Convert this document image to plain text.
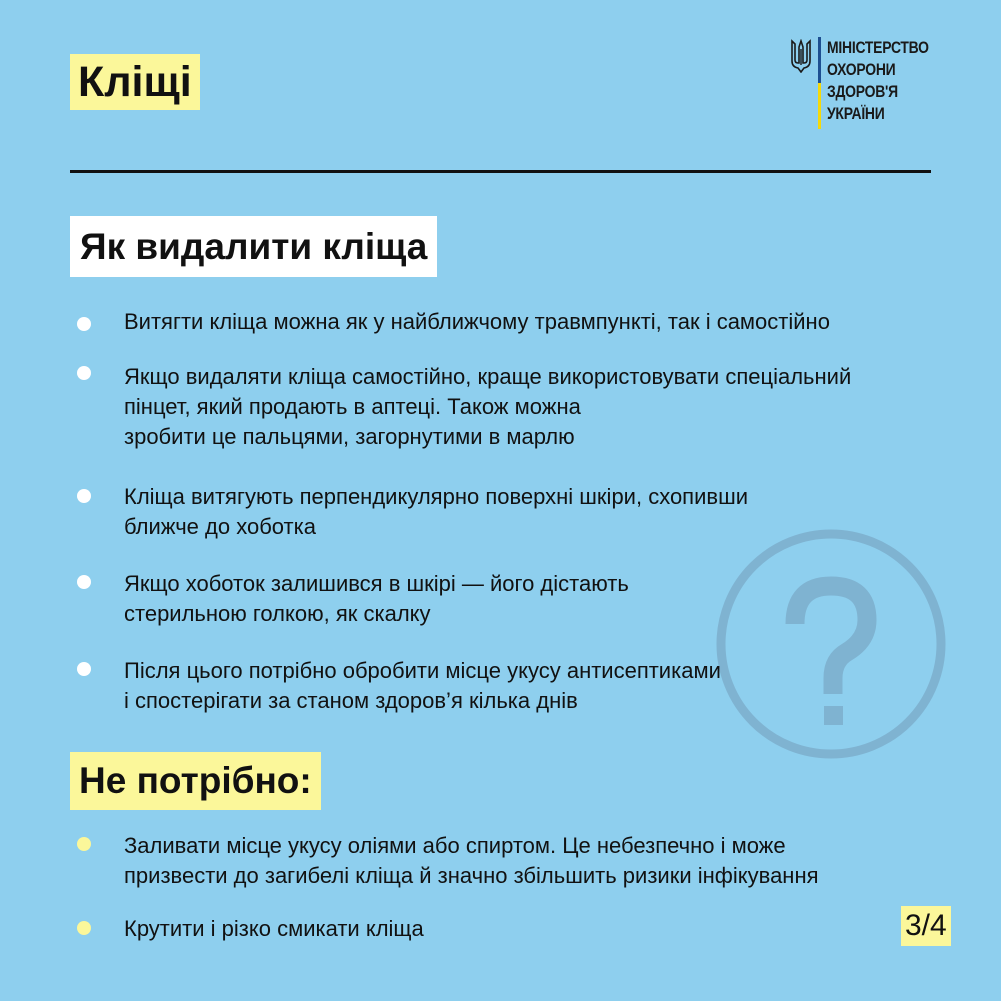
Кліщі
МІНІСТЕРСТВО
ОХОРОНИ
ЗДОРОВ'Я
УКРАЇНИ
Як видалити кліща
Витягти кліща можна як у найближчому травмпункті, так і самостійно
Якщо видаляти кліща самостійно, краще використовувати спеціальний
пінцет, який продають в аптеці. Також можна
зробити це пальцями, загорнутими в марлю
Кліща витягують перпендикулярно поверхні шкіри, схопивши
ближче до хоботка
Якщо хоботок залишився в шкірі — його дістають
стерильною голкою, як скалку
Після цього потрібно обробити місце укусу антисептиками
і спостерігати за станом здоров’я кілька днів
Не потрібно:
Заливати місце укусу оліями або спиртом. Це небезпечно і може
призвести до загибелі кліща й значно збільшить ризики інфікування
Крутити і різко смикати кліща	3/4
